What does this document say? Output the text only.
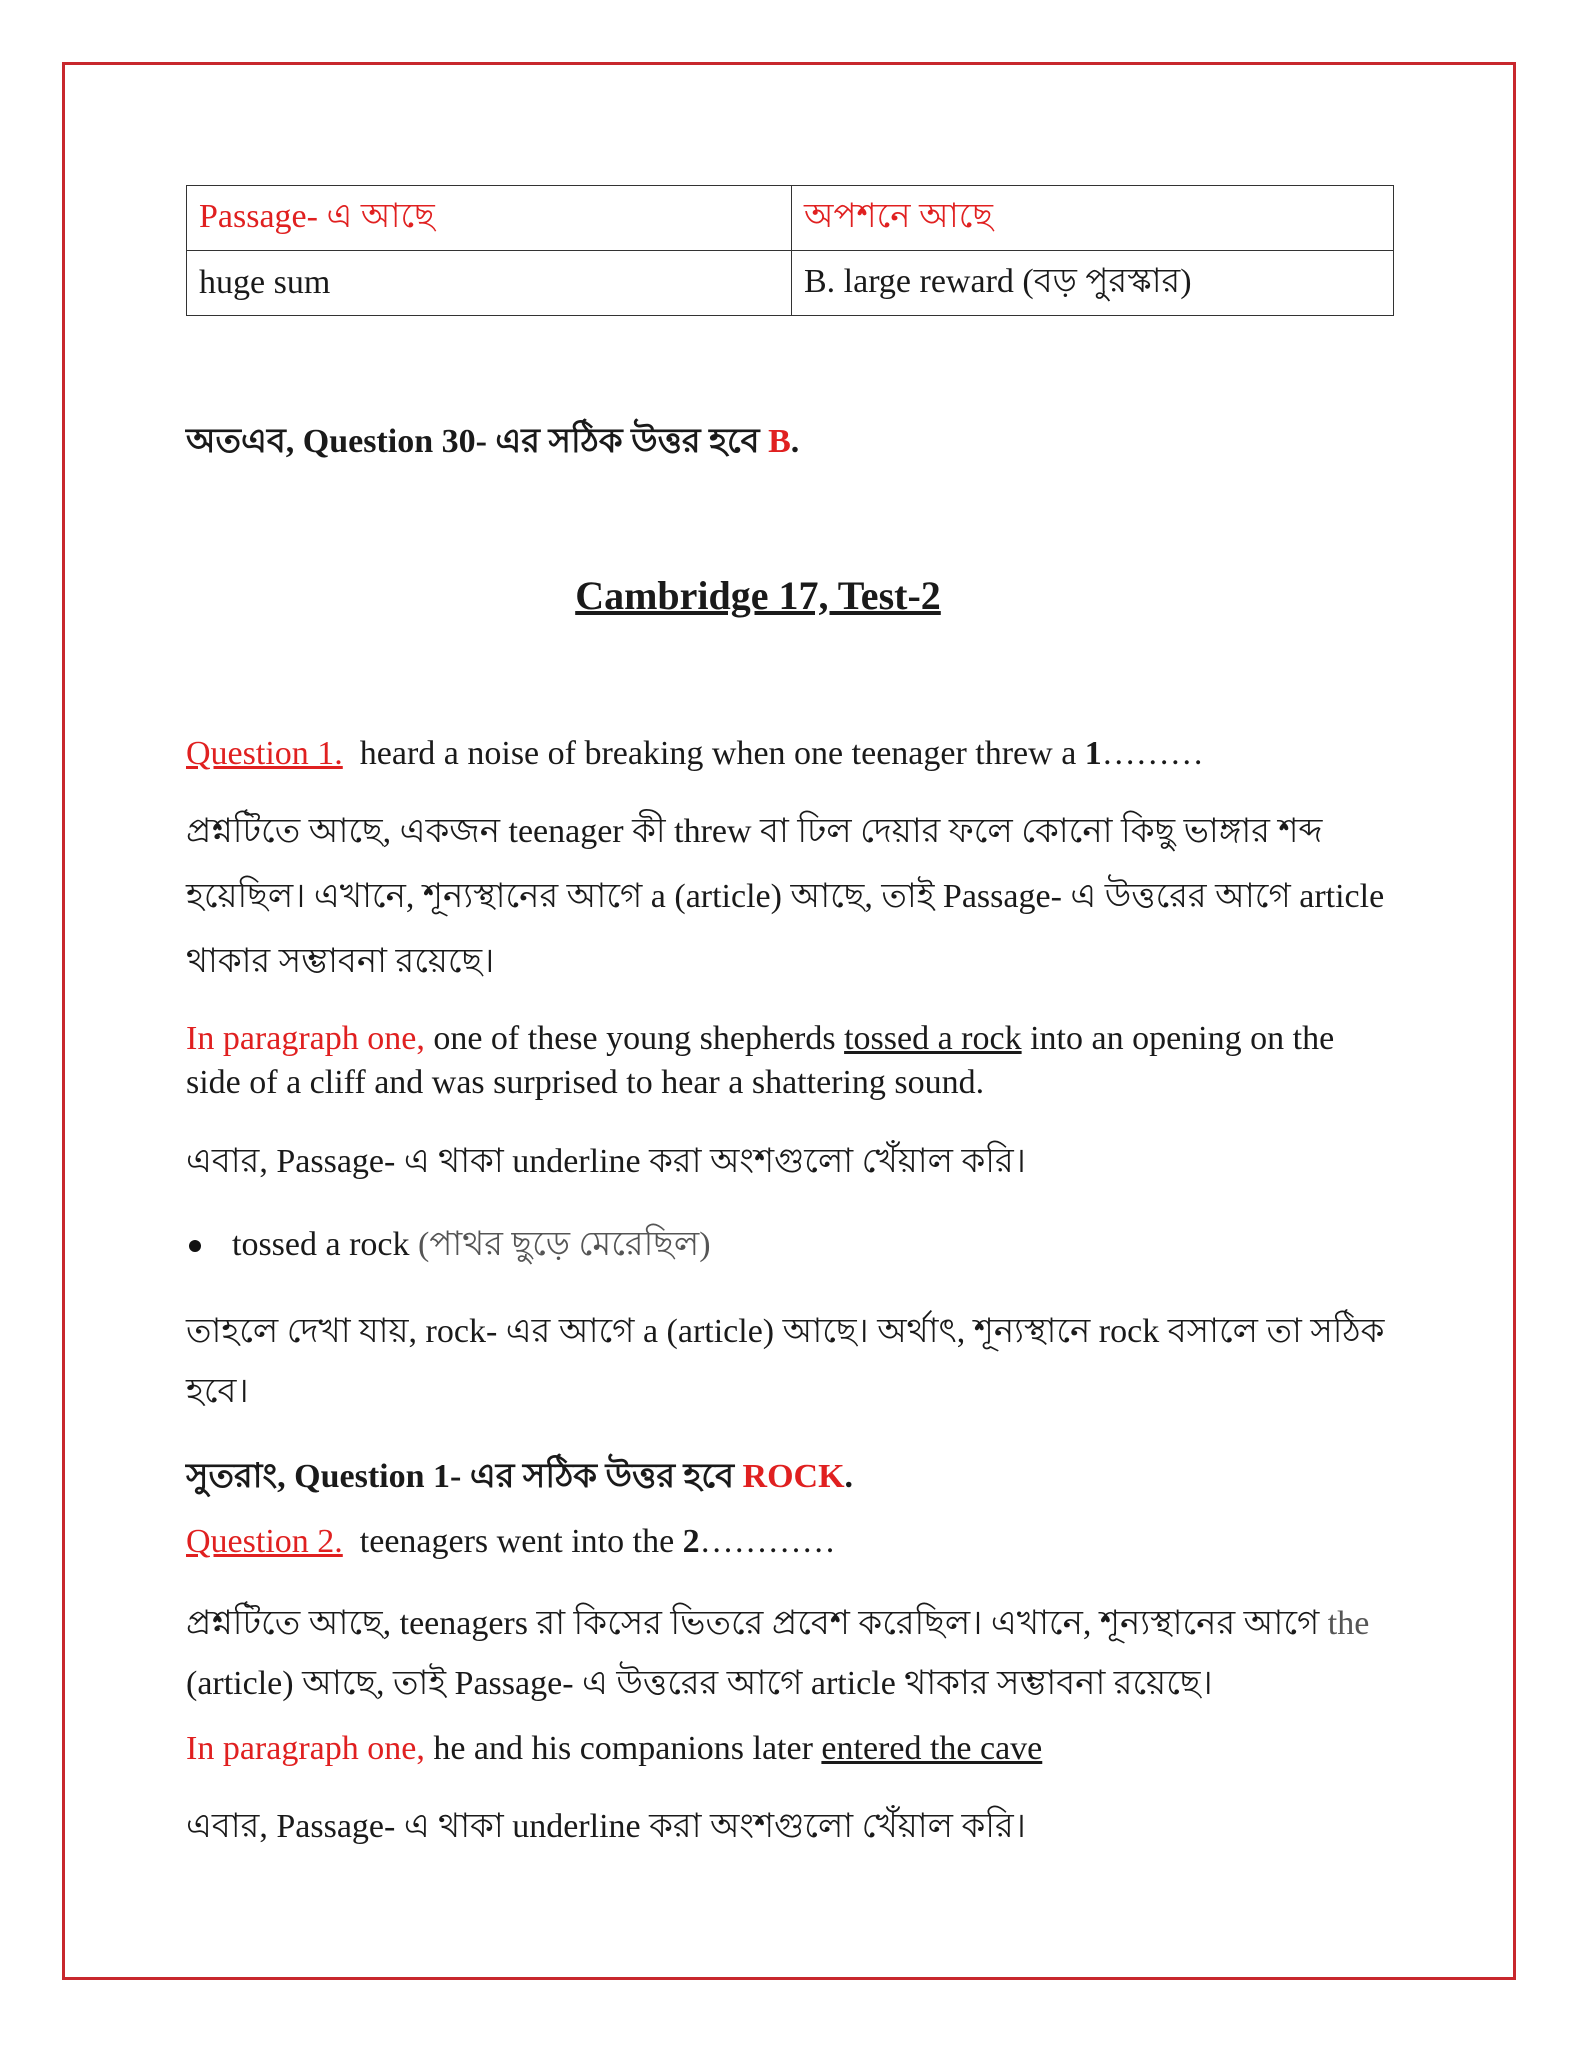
Passage- এ আছে	অপশনে আছে
huge sum	B. large reward (বড় পুরস্কার)
অতএব, Question 30- এর সঠিক উত্তর হবে B.
Cambridge 17, Test-2
Question 1. heard a noise of breaking when one teenager threw a 1………
প্রশ্নটিতে আছে, একজন teenager কী threw বা ঢিল দেয়ার ফলে কোনো কিছু ভাঙ্গার শব্দ
হয়েছিল। এখানে, শূন্যস্থানের আগে a (article) আছে, তাই Passage- এ উত্তরের আগে article
থাকার সম্ভাবনা রয়েছে।
In paragraph one, one of these young shepherds tossed a rock into an opening on the side of a cliff and was surprised to hear a shattering sound.
এবার, Passage- এ থাকা underline করা অংশগুলো খেঁয়াল করি।
tossed a rock (পাথর ছুড়ে মেরেছিল)
তাহলে দেখা যায়, rock- এর আগে a (article) আছে। অর্থাৎ, শূন্যস্থানে rock বসালে তা সঠিক
হবে।
সুতরাং, Question 1- এর সঠিক উত্তর হবে ROCK.
Question 2. teenagers went into the 2…………
প্রশ্নটিতে আছে, teenagers রা কিসের ভিতরে প্রবেশ করেছিল। এখানে, শূন্যস্থানের আগে the
(article) আছে, তাই Passage- এ উত্তরের আগে article থাকার সম্ভাবনা রয়েছে।
In paragraph one, he and his companions later entered the cave
এবার, Passage- এ থাকা underline করা অংশগুলো খেঁয়াল করি।
